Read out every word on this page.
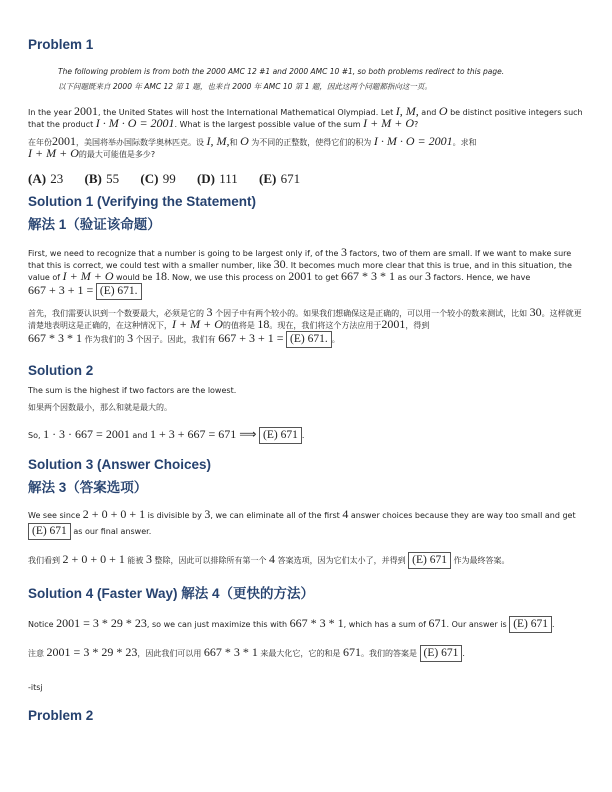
Problem 1

The following problem is from both the 2000 AMC 12 #1 and 2000 AMC 10 #1, so both problems redirect to this page.

以下问题既来自 2000 年 AMC 12 第 1 题，也来自 2000 年 AMC 10 第 1 题，因此这两个问题都指向这一页。

In the year 2001, the United States will host the International Mathematical Olympiad. Let I, M, and O be distinct positive integers such that the product I · M · O = 2001. What is the largest possible value of the sum I + M + O?

在年份2001，美国将举办国际数学奥林匹克。设 I, M,和 O 为不同的正整数，使得它们的积为 I · M · O = 2001。求和
I + M + O的最大可能值是多少?

(A) 23 (B) 55 (C) 99 (D) 111 (E) 671
Solution 1 (Verifying the Statement)
解法 1（验证该命题）

First, we need to recognize that a number is going to be largest only if, of the 3 factors, two of them are small. If we want to make sure that this is correct, we could test with a smaller number, like 30. It becomes much more clear that this is true, and in this situation, the value of I + M + O would be 18. Now, we use this process on 2001 to get 667 * 3 * 1 as our 3 factors. Hence, we have
667 + 3 + 1 = (E) 671.

首先，我们需要认识到一个数要最大，必须是它的 3 个因子中有两个较小的。如果我们想确保这是正确的，可以用一个较小的数来测试，比如 30。这样就更清楚地表明这是正确的，在这种情况下，I + M + O的值将是 18。现在，我们将这个方法应用于2001，得到
667 * 3 * 1 作为我们的 3 个因子。因此，我们有 667 + 3 + 1 = (E) 671. 。

Solution 2

The sum is the highest if two factors are the lowest.

如果两个因数最小，那么和就是最大的。

So, 1 · 3 · 667 = 2001 and 1 + 3 + 667 = 671 ⟹ (E) 671 .

Solution 3 (Answer Choices)
解法 3（答案选项）

We see since 2 + 0 + 0 + 1 is divisible by 3, we can eliminate all of the first 4 answer choices because they are way too small and get (E) 671 as our final answer.

我们看到 2 + 0 + 0 + 1 能被 3 整除，因此可以排除所有第一个 4 答案选项，因为它们太小了，并得到 (E) 671 作为最终答案。

Solution 4 (Faster Way) 解法 4（更快的方法）

Notice 2001 = 3 * 29 * 23, so we can just maximize this with 667 * 3 * 1, which has a sum of 671. Our answer is (E) 671 .

注意 2001 = 3 * 29 * 23，因此我们可以用 667 * 3 * 1 来最大化它，它的和是 671。我们的答案是 (E) 671 .

-itsj

Problem 2
